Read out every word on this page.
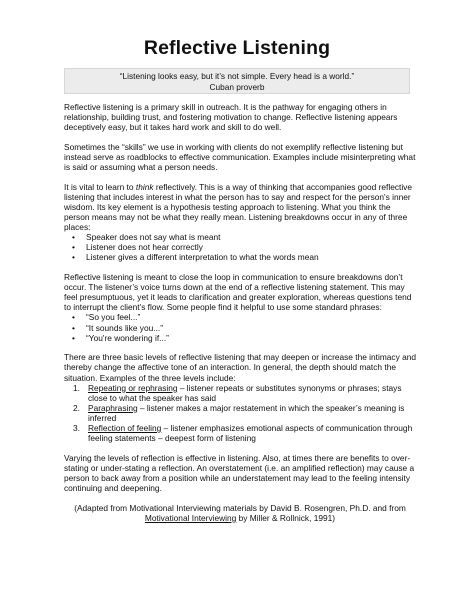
Reflective Listening
“Listening looks easy, but it’s not simple. Every head is a world.”
Cuban proverb

Reflective listening is a primary skill in outreach. It is the pathway for engaging others in relationship, building trust, and fostering motivation to change. Reflective listening appears deceptively easy, but it takes hard work and skill to do well.

Sometimes the “skills” we use in working with clients do not exemplify reflective listening but instead serve as roadblocks to effective communication. Examples include misinterpreting what is said or assuming what a person needs.

It is vital to learn to think reflectively. This is a way of thinking that accompanies good reflective listening that includes interest in what the person has to say and respect for the person's inner wisdom. Its key element is a hypothesis testing approach to listening. What you think the person means may not be what they really mean. Listening breakdowns occur in any of three places:

• Speaker does not say what is meant
• Listener does not hear correctly
• Listener gives a different interpretation to what the words mean

Reflective listening is meant to close the loop in communication to ensure breakdowns don’t occur. The listener’s voice turns down at the end of a reflective listening statement. This may feel presumptuous, yet it leads to clarification and greater exploration, whereas questions tend to interrupt the client's flow. Some people find it helpful to use some standard phrases:

• “So you feel...”
• “It sounds like you...”
• “You're wondering if...”

There are three basic levels of reflective listening that may deepen or increase the intimacy and thereby change the affective tone of an interaction. In general, the depth should match the situation. Examples of the three levels include:

1. Repeating or rephrasing – listener repeats or substitutes synonyms or phrases; stays close to what the speaker has said
2. Paraphrasing – listener makes a major restatement in which the speaker’s meaning is inferred
3. Reflection of feeling – listener emphasizes emotional aspects of communication through feeling statements – deepest form of listening

Varying the levels of reflection is effective in listening. Also, at times there are benefits to over-stating or under-stating a reflection. An overstatement (i.e. an amplified reflection) may cause a person to back away from a position while an understatement may lead to the feeling intensity continuing and deepening.

(Adapted from Motivational Interviewing materials by David B. Rosengren, Ph.D. and from
Motivational Interviewing by Miller & Rollnick, 1991)
